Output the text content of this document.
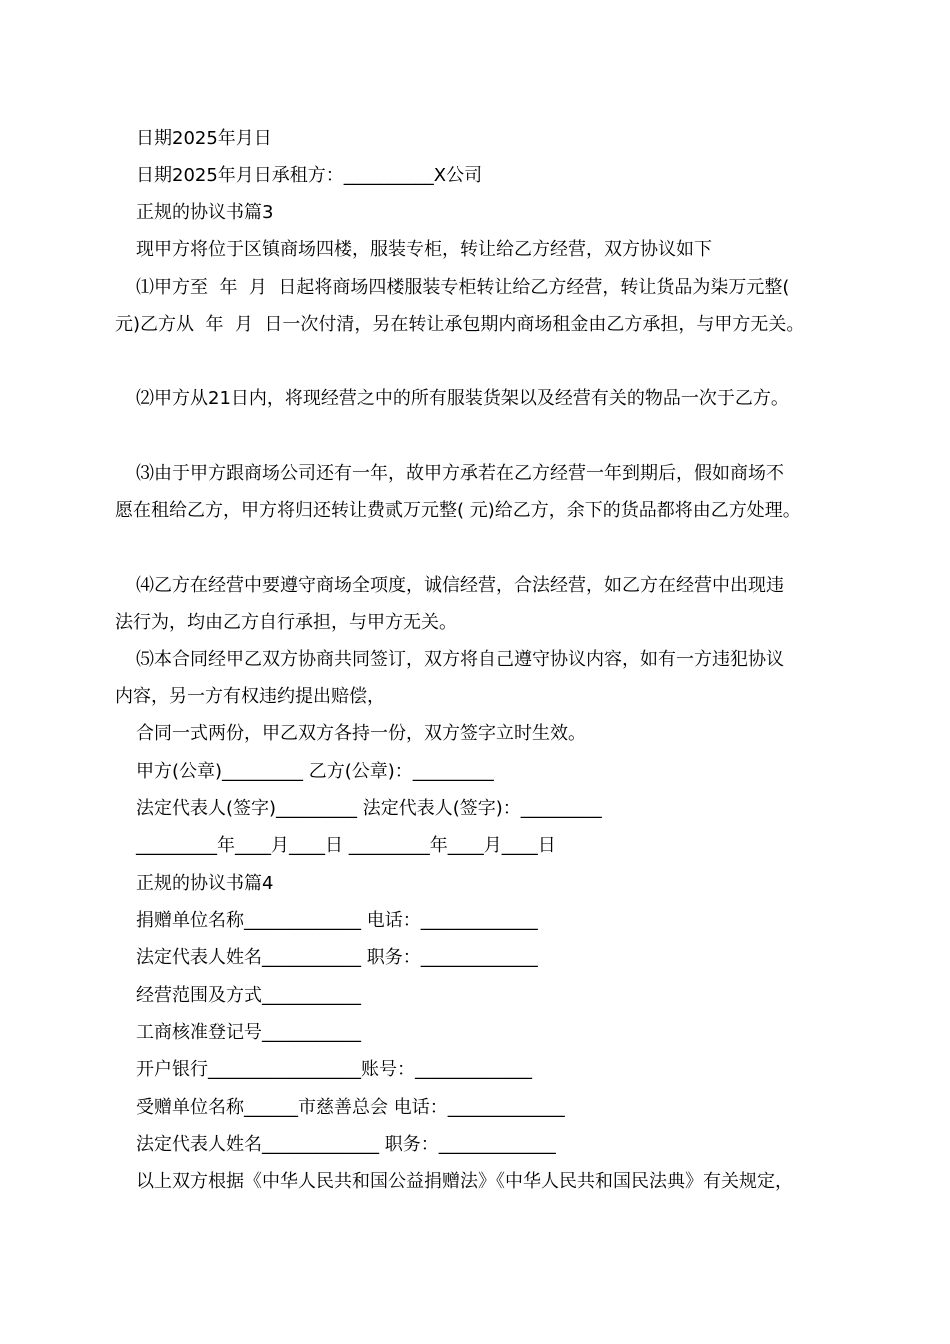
日期2025年月日

日期2025年月日承租方：__________X公司

正规的协议书篇3

现甲方将位于区镇商场四楼，服装专柜，转让给乙方经营，双方协议如下

⑴甲方至  年  月  日起将商场四楼服装专柜转让给乙方经营，转让货品为柒万元整(

元)乙方从  年  月  日一次付清，另在转让承包期内商场租金由乙方承担，与甲方无关。

⑵甲方从21日内，将现经营之中的所有服装货架以及经营有关的物品一次于乙方。

⑶由于甲方跟商场公司还有一年，故甲方承若在乙方经营一年到期后，假如商场不

愿在租给乙方，甲方将归还转让费贰万元整( 元)给乙方，余下的货品都将由乙方处理。

⑷乙方在经营中要遵守商场全项度，诚信经营，合法经营，如乙方在经营中出现违

法行为，均由乙方自行承担，与甲方无关。

⑸本合同经甲乙双方协商共同签订，双方将自己遵守协议内容，如有一方违犯协议

内容，另一方有权违约提出赔偿，

合同一式两份，甲乙双方各持一份，双方签字立时生效。

甲方(公章)_________ 乙方(公章)：_________

法定代表人(签字)_________ 法定代表人(签字)：_________

_________年____月____日 _________年____月____日

正规的协议书篇4

捐赠单位名称_____________ 电话：_____________

法定代表人姓名___________ 职务：_____________

经营范围及方式___________

工商核准登记号___________

开户银行_________________账号：_____________

受赠单位名称______市慈善总会 电话：_____________

法定代表人姓名_____________ 职务：_____________

以上双方根据《中华人民共和国公益捐赠法》《中华人民共和国民法典》有关规定，
